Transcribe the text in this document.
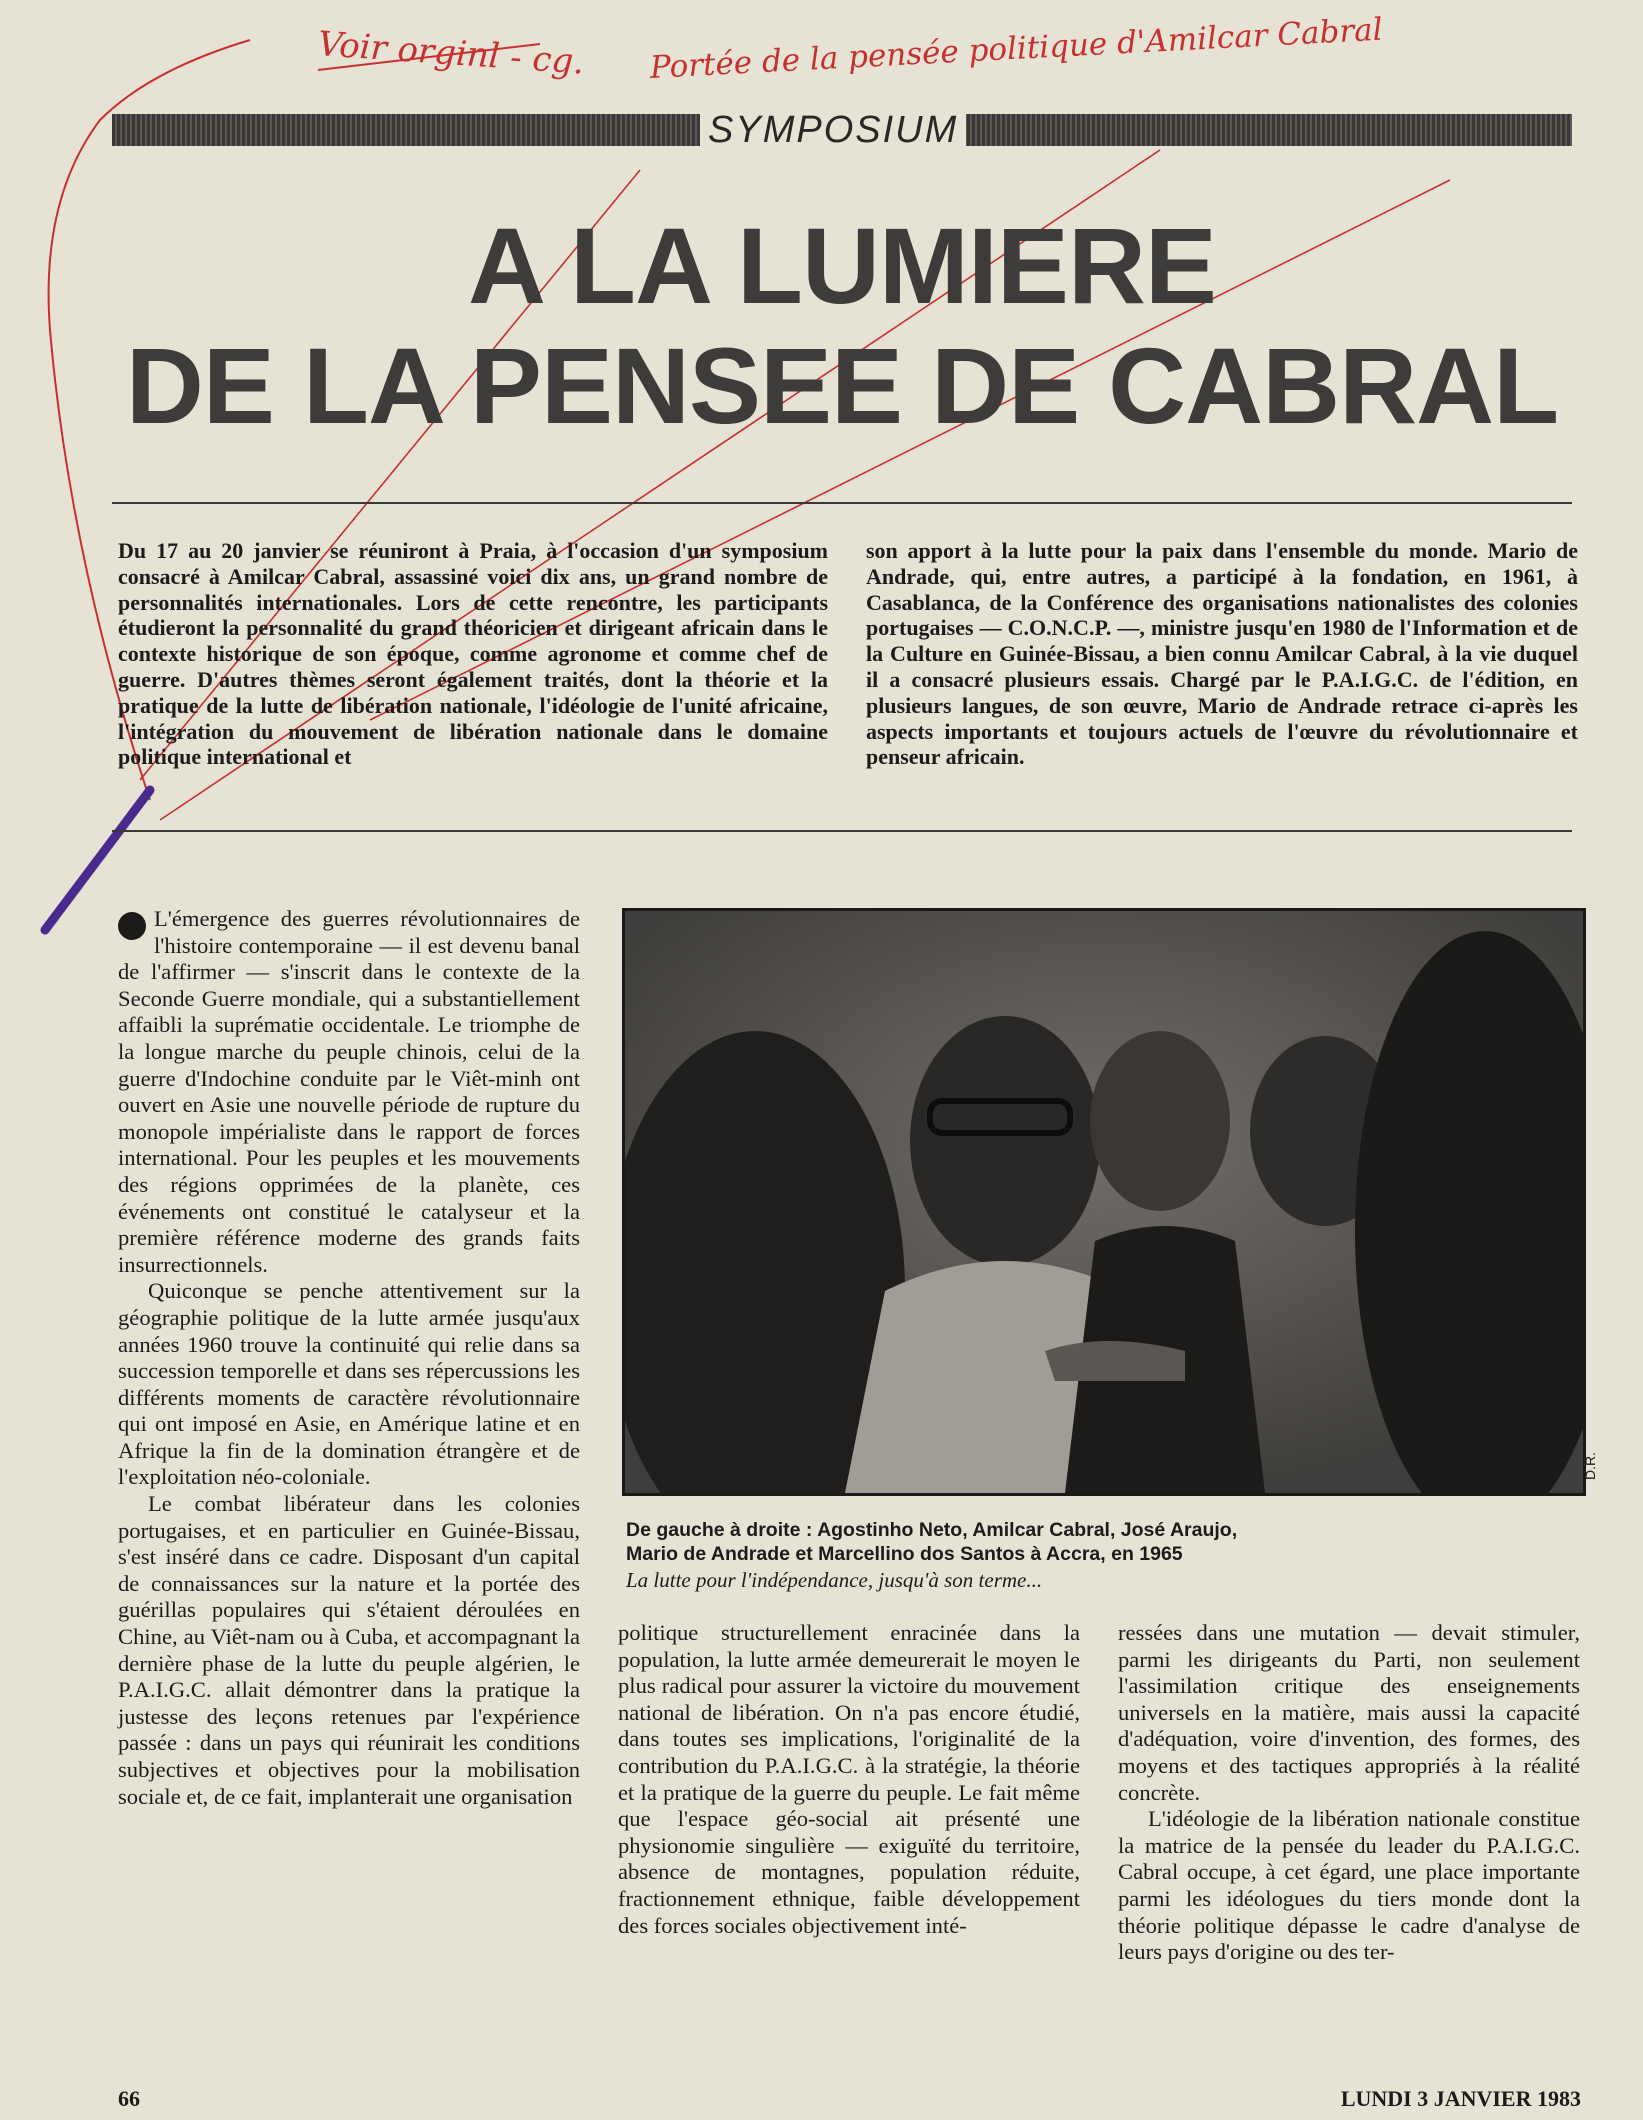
Voir orginl - cg. Portée de la pensée politique d'Amilcar Cabral
SYMPOSIUM
A LA LUMIERE
DE LA PENSEE DE CABRAL
Du 17 au 20 janvier se réuniront à Praia, à l'occasion d'un symposium consacré à Amilcar Cabral, assassiné voici dix ans, un grand nombre de personnalités internationales. Lors de cette rencontre, les participants étudieront la personnalité du grand théoricien et dirigeant africain dans le contexte historique de son époque, comme agronome et comme chef de guerre. D'autres thèmes seront également traités, dont la théorie et la pratique de la lutte de libération nationale, l'idéologie de l'unité africaine, l'intégration du mouvement de libération nationale dans le domaine politique international et
son apport à la lutte pour la paix dans l'ensemble du monde. Mario de Andrade, qui, entre autres, a participé à la fondation, en 1961, à Casablanca, de la Conférence des organisations nationalistes des colonies portugaises — C.O.N.C.P. —, ministre jusqu'en 1980 de l'Information et de la Culture en Guinée-Bissau, a bien connu Amilcar Cabral, à la vie duquel il a consacré plusieurs essais. Chargé par le P.A.I.G.C. de l'édition, en plusieurs langues, de son œuvre, Mario de Andrade retrace ci-après les aspects importants et toujours actuels de l'œuvre du révolutionnaire et penseur africain.

L'émergence des guerres révolutionnaires de l'histoire contemporaine — il est devenu banal de l'affirmer — s'inscrit dans le contexte de la Seconde Guerre mondiale, qui a substantiellement affaibli la suprématie occidentale. Le triomphe de la longue marche du peuple chinois, celui de la guerre d'Indochine conduite par le Viêt-minh ont ouvert en Asie une nouvelle période de rupture du monopole impérialiste dans le rapport de forces international. Pour les peuples et les mouvements des régions opprimées de la planète, ces événements ont constitué le catalyseur et la première référence moderne des grands faits insurrectionnels.

Quiconque se penche attentivement sur la géographie politique de la lutte armée jusqu'aux années 1960 trouve la continuité qui relie dans sa succession temporelle et dans ses répercussions les différents moments de caractère révolutionnaire qui ont imposé en Asie, en Amérique latine et en Afrique la fin de la domination étrangère et de l'exploitation néo-coloniale.

Le combat libérateur dans les colonies portugaises, et en particulier en Guinée-Bissau, s'est inséré dans ce cadre. Disposant d'un capital de connaissances sur la nature et la portée des guérillas populaires qui s'étaient déroulées en Chine, au Viêt-nam ou à Cuba, et accompagnant la dernière phase de la lutte du peuple algérien, le P.A.I.G.C. allait démontrer dans la pratique la justesse des leçons retenues par l'expérience passée : dans un pays qui réunirait les conditions subjectives et objectives pour la mobilisation sociale et, de ce fait, implanterait une organisation

D.R.
De gauche à droite : Agostinho Neto, Amilcar Cabral, José Araujo,
Mario de Andrade et Marcellino dos Santos à Accra, en 1965
La lutte pour l'indépendance, jusqu'à son terme...

politique structurellement enracinée dans la population, la lutte armée demeurerait le moyen le plus radical pour assurer la victoire du mouvement national de libération. On n'a pas encore étudié, dans toutes ses implications, l'originalité de la contribution du P.A.I.G.C. à la stratégie, la théorie et la pratique de la guerre du peuple. Le fait même que l'espace géo-social ait présenté une physionomie singulière — exiguïté du territoire, absence de montagnes, population réduite, fractionnement ethnique, faible développement des forces sociales objectivement inté-

ressées dans une mutation — devait stimuler, parmi les dirigeants du Parti, non seulement l'assimilation critique des enseignements universels en la matière, mais aussi la capacité d'adéquation, voire d'invention, des formes, des moyens et des tactiques appropriés à la réalité concrète.

L'idéologie de la libération nationale constitue la matrice de la pensée du leader du P.A.I.G.C. Cabral occupe, à cet égard, une place importante parmi les idéologues du tiers monde dont la théorie politique dépasse le cadre d'analyse de leurs pays d'origine ou des ter-

66	LUNDI 3 JANVIER 1983
